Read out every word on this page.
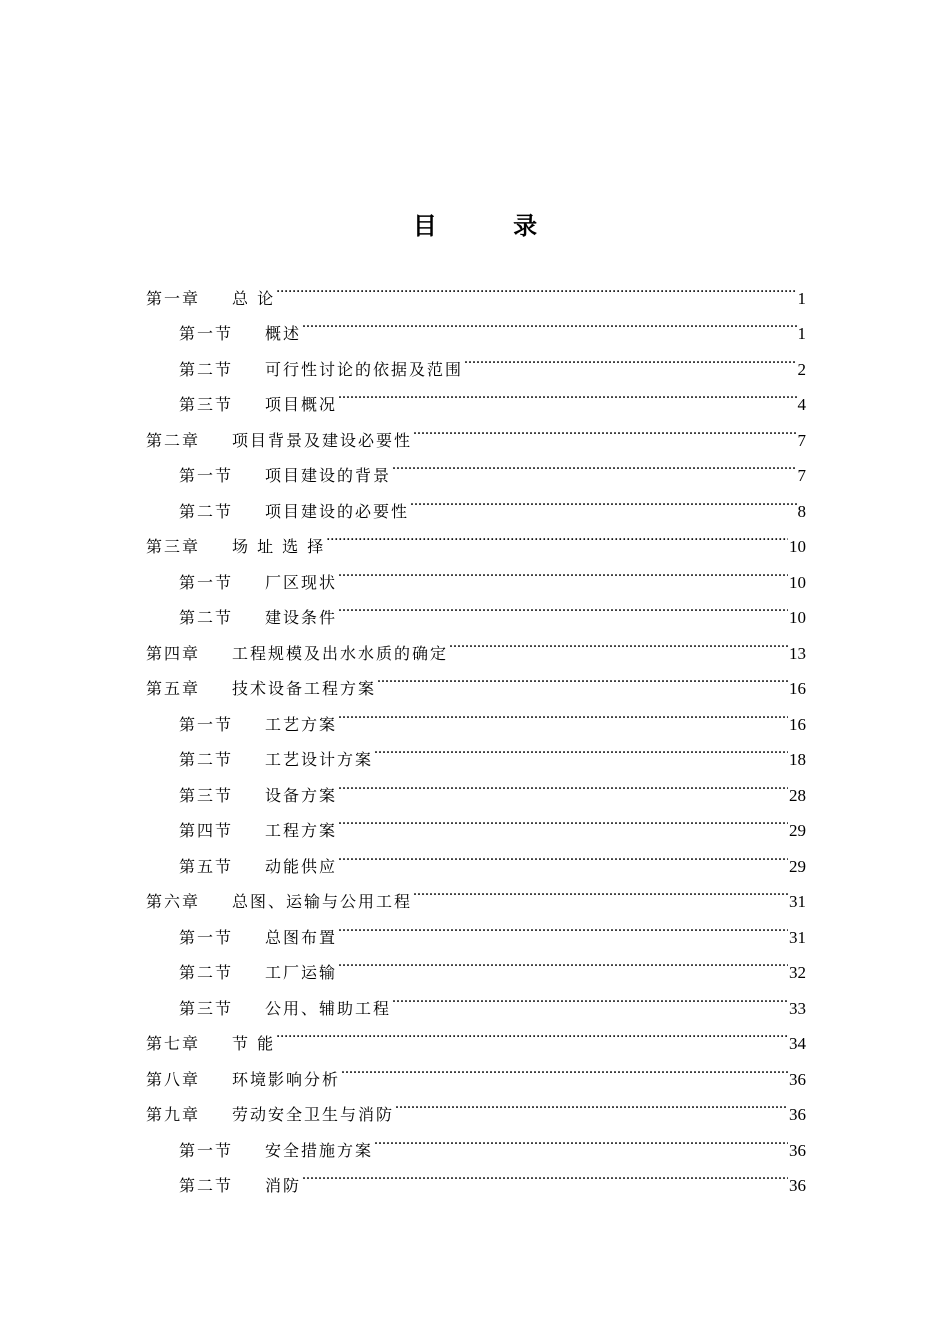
目 录
第一章	总 论 .....	1
第一节	概述 .....	1
第二节	可行性讨论的依据及范围 .....	2
第三节	项目概况 .....	4
第二章	项目背景及建设必要性 .....	7
第一节	项目建设的背景 .....	7
第二节	项目建设的必要性 .....	8
第三章	场 址 选 择 .....	10
第一节	厂区现状 .....	10
第二节	建设条件 .....	10
第四章	工程规模及出水水质的确定 .....	13
第五章	技术设备工程方案 .....	16
第一节	工艺方案 .....	16
第二节	工艺设计方案 .....	18
第三节	设备方案 .....	28
第四节	工程方案 .....	29
第五节	动能供应 .....	29
第六章	总图、运输与公用工程 .....	31
第一节	总图布置 .....	31
第二节	工厂运输 .....	32
第三节	公用、辅助工程 .....	33
第七章	节 能 .....	34
第八章	环境影响分析 .....	36
第九章	劳动安全卫生与消防 .....	36
第一节	安全措施方案 .....	36
第二节	消防 .....	36
